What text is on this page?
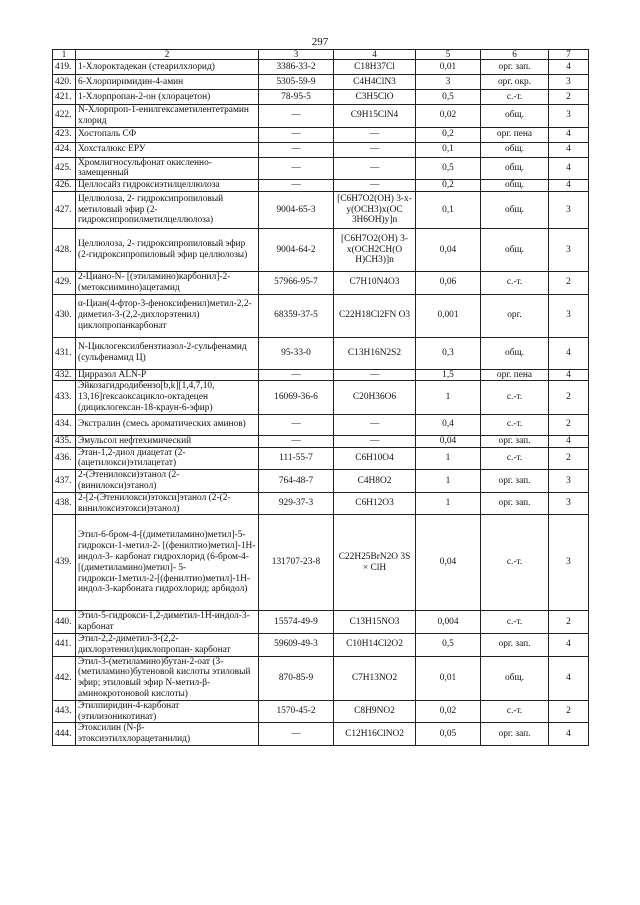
297
1	2	3	4	5	6	7
419.	1-Хлороктадекан (стеарилхлорид)	3386-33-2	C18H37Cl	0,01	орг. зап.	4
420.	6-Хлорпиримидин-4-амин	5305-59-9	C4H4ClN3	3	орг. окр.	3
421.	1-Хлорпропан-2-он (хлорацетон)	78-95-5	C3H5ClO	0,5	с.-т.	2
422.	N-Хлорпроп-1-енилгексаметилентетрамин хлорид	—	C9H15ClN4	0,02	общ.	3
423.	Хостопаль СФ	—	—	0,2	орг. пена	4
424.	Хохсталюкс ЕРУ	—	—	0,1	общ.	4
425.	Хромлигносульфонат окисленно-замещенный	—	—	0,5	общ.	4
426.	Целлосайз гидроксиэтилцеллюлоза	—	—	0,2	общ.	4
427.	Целлюлоза, 2- гидроксипропиловый метиловый эфир (2-гидроксипропилметилцеллюлоза)	9004-65-3	[C6H7O2(OH) 3-x- y(OCH3)x(OC 3H6OH)y]n	0,1	общ.	3
428.	Целлюлоза, 2- гидроксипропиловый эфир (2-гидроксипропиловый эфир целлюлозы)	9004-64-2	[C6H7O2(OH) 3- x(OCH2CH(O H)CH3)]n	0,04	общ.	3
429.	2-Циано-N- [(этиламино)карбонил]-2-(метоксиимино)ацетамид	57966-95-7	C7H10N4O3	0,06	с.-т.	2
430.	α-Циан(4-фтор-3-феноксифенил)метил-2,2-диметил-3-(2,2-дихлорэтенил) циклопропанкарбонат	68359-37-5	C22H18Cl2FN O3	0,001	орг.	3
431.	N-Циклогексилбензтиазол-2-сульфенамид (сульфенамид Ц)	95-33-0	C13H16N2S2	0,3	общ.	4
432.	Цирразол ALN-P	—	—	1,5	орг. пена	4
433.	Эйкозагидродибензо[b,k][1,4,7,10, 13,16]гексаоксациклo-октадецен (дициклогексан-18-краун-6-эфир)	16069-36-6	C20H36O6	1	с.-т.	2
434.	Экстралин (смесь ароматических аминов)	—	—	0,4	с.-т.	2
435.	Эмульсол нефтехимический	—	—	0,04	орг. зап.	4
436.	Этан-1,2-диол диацетат (2-(ацетилокси)этилацетат)	111-55-7	C6H10O4	1	с.-т.	2
437.	2-(Этенилокси)этанол (2-(винилокси)этанол)	764-48-7	C4H8O2	1	орг. зап.	3
438.	2-[2-(Этенилокси)этокси]этанол (2-(2-винилоксиэтокси)этанол)	929-37-3	C6H12O3	1	орг. зап.	3
439.	Этил-6-бром-4-[(диметиламино)метил]-5- гидрокси-1-метил-2- [(фенилтио)метил]-1Н-индол-3- карбонат гидрохлорид (6-бром-4-[(диметиламино)метил]- 5-гидрокси-1метил-2-[(фенилтио)метил]-1Н-индол-3-карбоната гидрохлорид; арбидол)	131707-23-8	C22H25BrN2O 3S × ClH	0,04	с.-т.	3
440.	Этил-5-гидрокси-1,2-диметил-1Н-индол-3-карбонат	15574-49-9	C13H15NO3	0,004	с.-т.	2
441.	Этил-2,2-диметил-3-(2,2-дихлорэтенил)циклопропан- карбонат	59609-49-3	C10H14Cl2O2	0,5	орг. зап.	4
442.	Этил-3-(метиламино)бутан-2-оат (3-(метиламино)бутеновой кислоты этиловый эфир; этиловый эфир N-метил-β-аминокротоновой кислоты)	870-85-9	C7H13NO2	0,01	общ.	4
443.	Этилпиридин-4-карбонат (этилизоникотинат)	1570-45-2	C8H9NO2	0,02	с.-т.	2
444.	Этоксилин (N-β-этоксиэтилхлорацетанилид)	—	C12H16ClNO2	0,05	орг. зап.	4
